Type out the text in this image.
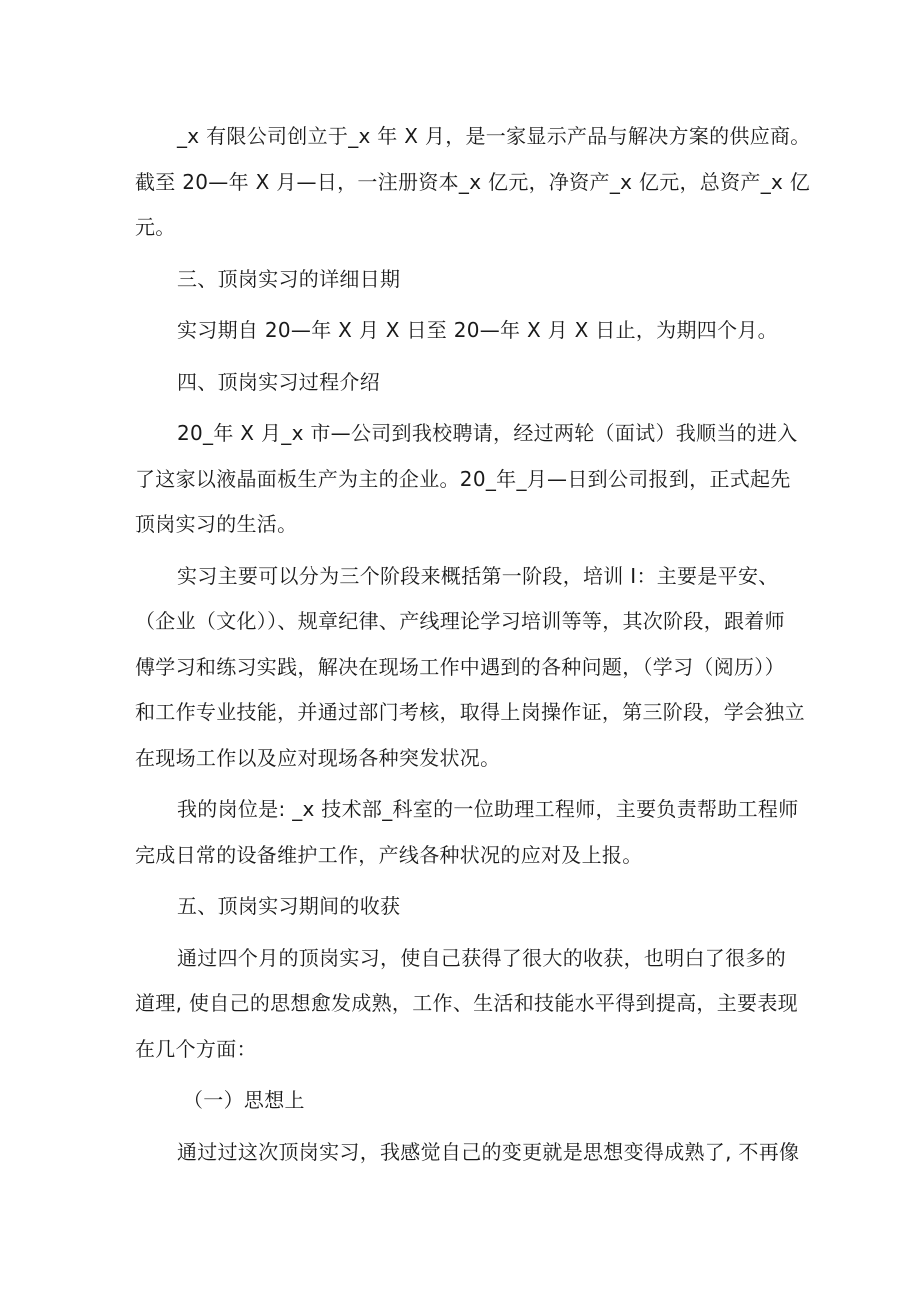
_x 有限公司创立于_x 年 X 月，是一家显示产品与解决方案的供应商。
截至 20—年 X 月—日，一注册资本_x 亿元，净资产_x 亿元，总资产_x 亿
元。
三、顶岗实习的详细日期
实习期自 20—年 X 月 X 日至 20—年 X 月 X 日止，为期四个月。
四、顶岗实习过程介绍
20_年 X 月_x 市—公司到我校聘请，经过两轮（面试）我顺当的进入
了这家以液晶面板生产为主的企业。20_年_月—日到公司报到，正式起先
顶岗实习的生活。
实习主要可以分为三个阶段来概括第一阶段，培训 I：主要是平安、
（企业（文化））、规章纪律、产线理论学习培训等等，其次阶段，跟着师
傅学习和练习实践，解决在现场工作中遇到的各种问题，（学习（阅历））
和工作专业技能，并通过部门考核，取得上岗操作证，第三阶段，学会独立
在现场工作以及应对现场各种突发状况。
我的岗位是: _x 技术部_科室的一位助理工程师，主要负责帮助工程师
完成日常的设备维护工作，产线各种状况的应对及上报。
五、顶岗实习期间的收获
通过四个月的顶岗实习，使自己获得了很大的收获，也明白了很多的
道理, 使自己的思想愈发成熟，工作、生活和技能水平得到提高，主要表现
在几个方面：
（一）思想上
通过过这次顶岗实习，我感觉自己的变更就是思想变得成熟了, 不再像
